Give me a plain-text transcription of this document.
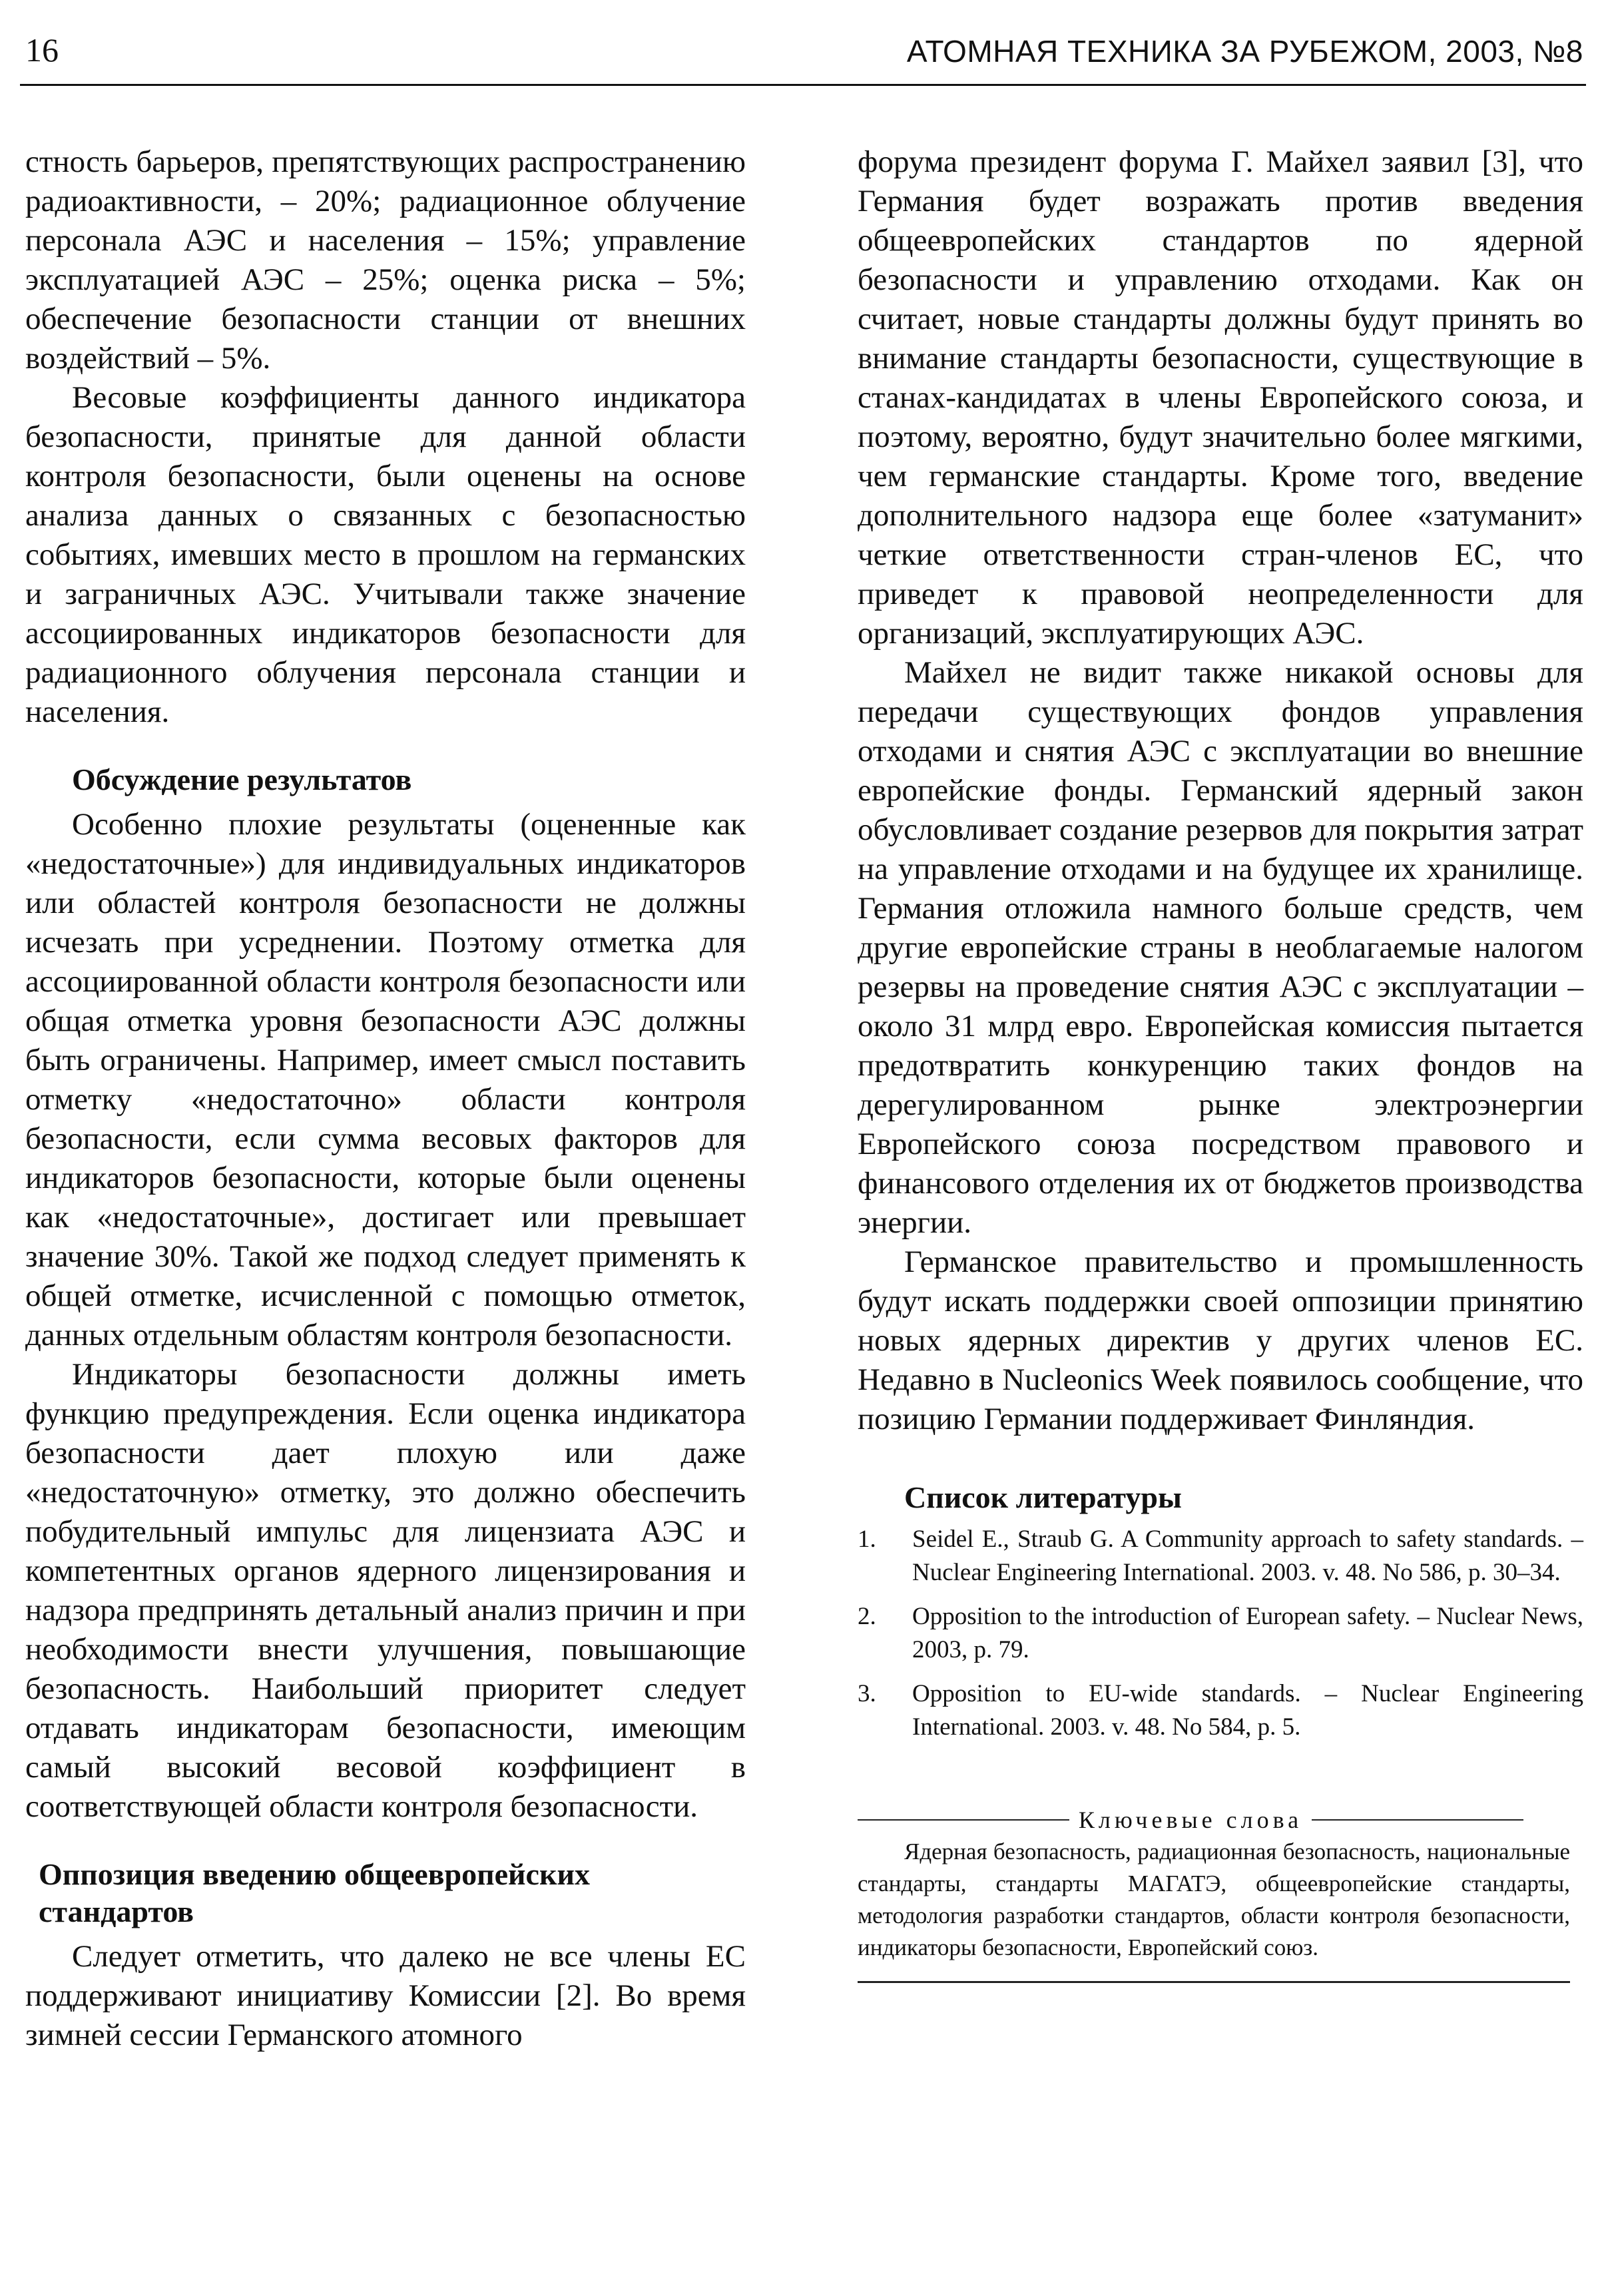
16	АТОМНАЯ ТЕХНИКА ЗА РУБЕЖОМ, 2003, №8

стность барьеров, препятствующих распространению радиоактивности, – 20%; радиационное облучение персонала АЭС и населения – 15%; управление эксплуатацией АЭС – 25%; оценка риска – 5%; обеспечение безопасности станции от внешних воздействий – 5%.

Весовые коэффициенты данного индикатора безопасности, принятые для данной области контроля безопасности, были оценены на основе анализа данных о связанных с безопасностью событиях, имевших место в прошлом на германских и заграничных АЭС. Учитывали также значение ассоциированных индикаторов безопасности для радиационного облучения персонала станции и населения.

Обсуждение результатов

Особенно плохие результаты (оцененные как «недостаточные») для индивидуальных индикаторов или областей контроля безопасности не должны исчезать при усреднении. Поэтому отметка для ассоциированной области контроля безопасности или общая отметка уровня безопасности АЭС должны быть ограничены. Например, имеет смысл поставить отметку «недостаточно» области контроля безопасности, если сумма весовых факторов для индикаторов безопасности, которые были оценены как «недостаточные», достигает или превышает значение 30%. Такой же подход следует применять к общей отметке, исчисленной с помощью отметок, данных отдельным областям контроля безопасности.

Индикаторы безопасности должны иметь функцию предупреждения. Если оценка индикатора безопасности дает плохую или даже «недостаточную» отметку, это должно обеспечить побудительный импульс для лицензиата АЭС и компетентных органов ядерного лицензирования и надзора предпринять детальный анализ причин и при необходимости внести улучшения, повышающие безопасность. Наибольший приоритет следует отдавать индикаторам безопасности, имеющим самый высокий весовой коэффициент в соответствующей области контроля безопасности.

Оппозиция введению общеевропейских стандартов

Следует отметить, что далеко не все члены ЕС поддерживают инициативу Комиссии [2]. Во время зимней сессии Германского атомного

форума президент форума Г. Майхел заявил [3], что Германия будет возражать против введения общеевропейских стандартов по ядерной безопасности и управлению отходами. Как он считает, новые стандарты должны будут принять во внимание стандарты безопасности, существующие в станах-кандидатах в члены Европейского союза, и поэтому, вероятно, будут значительно более мягкими, чем германские стандарты. Кроме того, введение дополнительного надзора еще более «затуманит» четкие ответственности стран-членов ЕС, что приведет к правовой неопределенности для организаций, эксплуатирующих АЭС.

Майхел не видит также никакой основы для передачи существующих фондов управления отходами и снятия АЭС с эксплуатации во внешние европейские фонды. Германский ядерный закон обусловливает создание резервов для покрытия затрат на управление отходами и на будущее их хранилище. Германия отложила намного больше средств, чем другие европейские страны в необлагаемые налогом резервы на проведение снятия АЭС с эксплуатации – около 31 млрд евро. Европейская комиссия пытается предотвратить конкуренцию таких фондов на дерегулированном рынке электроэнергии Европейского союза посредством правового и финансового отделения их от бюджетов производства энергии.

Германское правительство и промышленность будут искать поддержки своей оппозиции принятию новых ядерных директив у других членов ЕС. Недавно в Nucleonics Week появилось сообщение, что позицию Германии поддерживает Финляндия.

Список литературы
1.	Seidel E., Straub G. A Community approach to safety standards. – Nuclear Engineering International. 2003. v. 48. No 586, p. 30–34.
2.	Opposition to the introduction of European safety. – Nuclear News, 2003, p. 79.
3.	Opposition to EU-wide standards. – Nuclear Engineering International. 2003. v. 48. No 584, p. 5.
Ключевые слова
Ядерная безопасность, радиационная безопасность, национальные стандарты, стандарты МАГАТЭ, общеевропейские стандарты, методология разработки стандартов, области контроля безопасности, индикаторы безопасности, Европейский союз.
